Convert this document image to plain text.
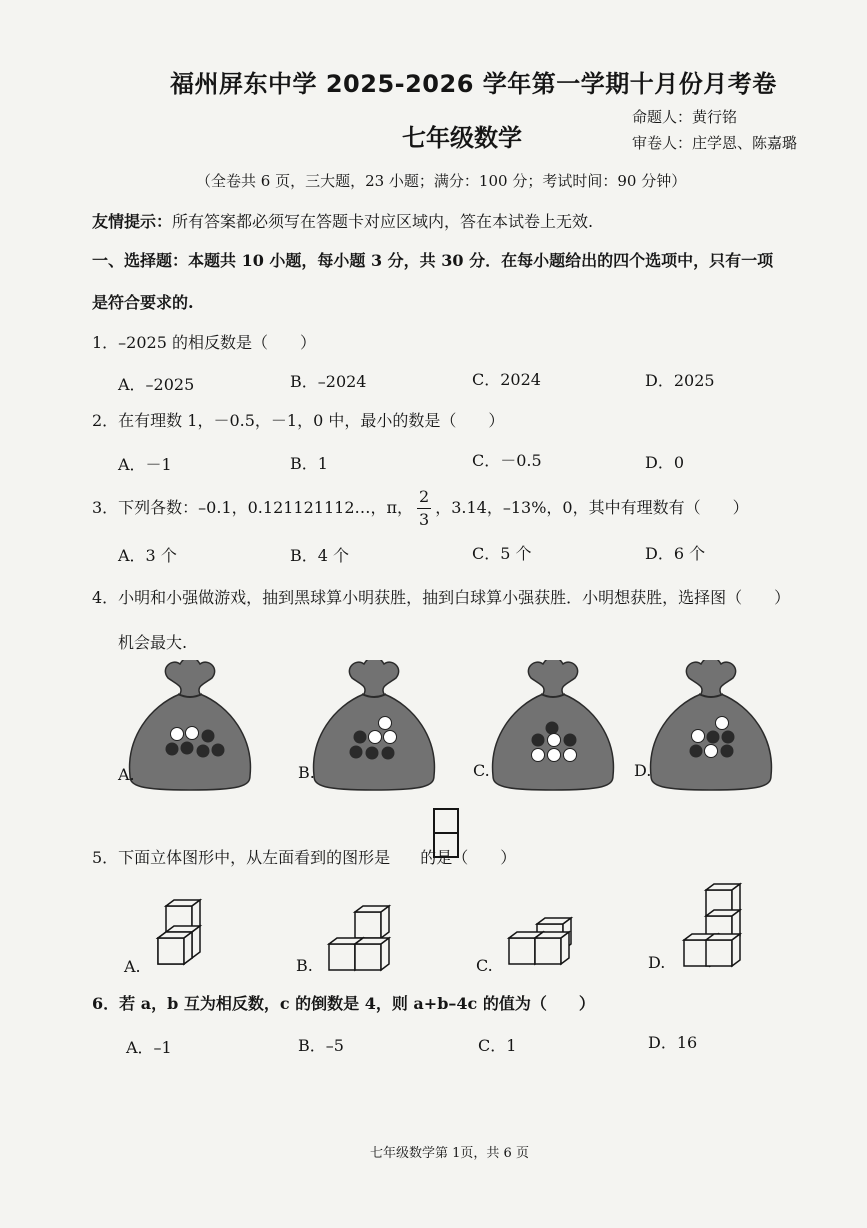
福州屏东中学 2025-2026 学年第一学期十月份月考卷
七年级数学
命题人：黄行铭
审卷人：庄学恩、陈嘉璐
（全卷共 6 页，三大题，23 小题；满分：100 分；考试时间：90 分钟）
友情提示：所有答案都必须写在答题卡对应区域内，答在本试卷上无效.
一、选择题：本题共 10 小题，每小题 3 分，共 30 分．在每小题给出的四个选项中，只有一项
是符合要求的.
1．–2025 的相反数是（　　）
A．–2025	B．–2024	C．2024	D．2025
2．在有理数 1，－0.5，－1，0 中，最小的数是（　　）
A．－1	B．1	C．－0.5	D．0
3．下列各数：–0.1，0.121121112…，π， $\frac{2}{3}$ ，3.14，–13%，0，其中有理数有（　　）
A．3 个	B．4 个	C．5 个	D．6 个
4．小明和小强做游戏，抽到黑球算小明获胜，抽到白球算小强获胜．小明想获胜，选择图（　　）
机会最大.
A.	B.	C.	D.
5．下面立体图形中，从左面看到的图形是 的是（　　）
A.	B.	C.	D.
6．若 a，b 互为相反数，c 的倒数是 4，则 a+b–4c 的值为（　　）
A．–1	B．–5	C．1	D．16
七年级数学第 1页，共 6 页
